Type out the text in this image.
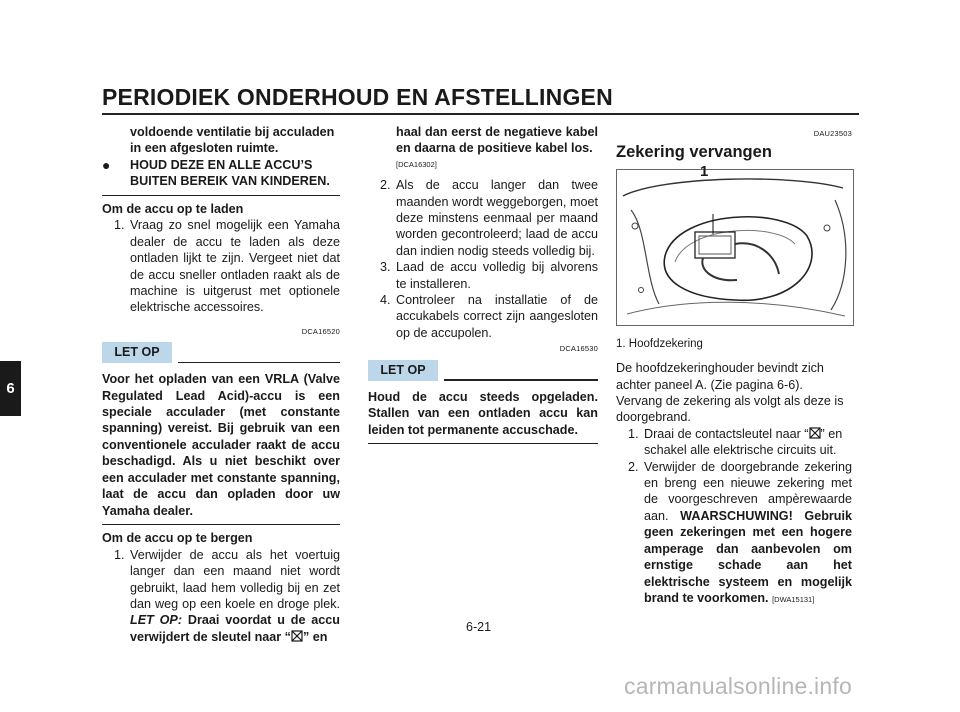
PERIODIEK ONDERHOUD EN AFSTELLINGEN
6
voldoende ventilatie bij acculaden
in een afgesloten ruimte.
● HOUD DEZE EN ALLE ACCU’S BUITEN BEREIK VAN KINDEREN.
Om de accu op te laden
1. Vraag zo snel mogelijk een Yamaha dealer de accu te laden als deze ontladen lijkt te zijn. Vergeet niet dat de accu sneller ontladen raakt als de machine is uitgerust met optionele elektrische accessoires.
DCA16520
LET OP
Voor het opladen van een VRLA (Valve Regulated Lead Acid)-accu is een speciale acculader (met constante spanning) vereist. Bij gebruik van een conventionele acculader raakt de accu beschadigd. Als u niet beschikt over een acculader met constante spanning, laat de accu dan opladen door uw Yamaha dealer.
Om de accu op te bergen
1. Verwijder de accu als het voertuig langer dan een maand niet wordt gebruikt, laad hem volledig bij en zet dan weg op een koele en droge plek. LET OP: Draai voordat u de accu verwijdert de sleutel naar “ ” en
haal dan eerst de negatieve kabel en daarna de positieve kabel los.
[DCA16302]
2. Als de accu langer dan twee maanden wordt weggeborgen, moet deze minstens eenmaal per maand worden gecontroleerd; laad de accu dan indien nodig steeds volledig bij.
3. Laad de accu volledig bij alvorens te installeren.
4. Controleer na installatie of de accukabels correct zijn aangesloten op de accupolen.
DCA16530
LET OP
Houd de accu steeds opgeladen. Stallen van een ontladen accu kan leiden tot permanente accuschade.
DAU23503
Zekering vervangen
1
1. Hoofdzekering
De hoofdzekeringhouder bevindt zich achter paneel A. (Zie pagina 6-6).
Vervang de zekering als volgt als deze is doorgebrand.
1. Draai de contactsleutel naar “ ” en schakel alle elektrische circuits uit.
2. Verwijder de doorgebrande zekering en breng een nieuwe zekering met de voorgeschreven ampèrewaarde aan. WAARSCHUWING! Gebruik geen zekeringen met een hogere amperage dan aanbevolen om ernstige schade aan het elektrische systeem en mogelijk brand te voorkomen. [DWA15131]
6-21
carmanualsonline.info
